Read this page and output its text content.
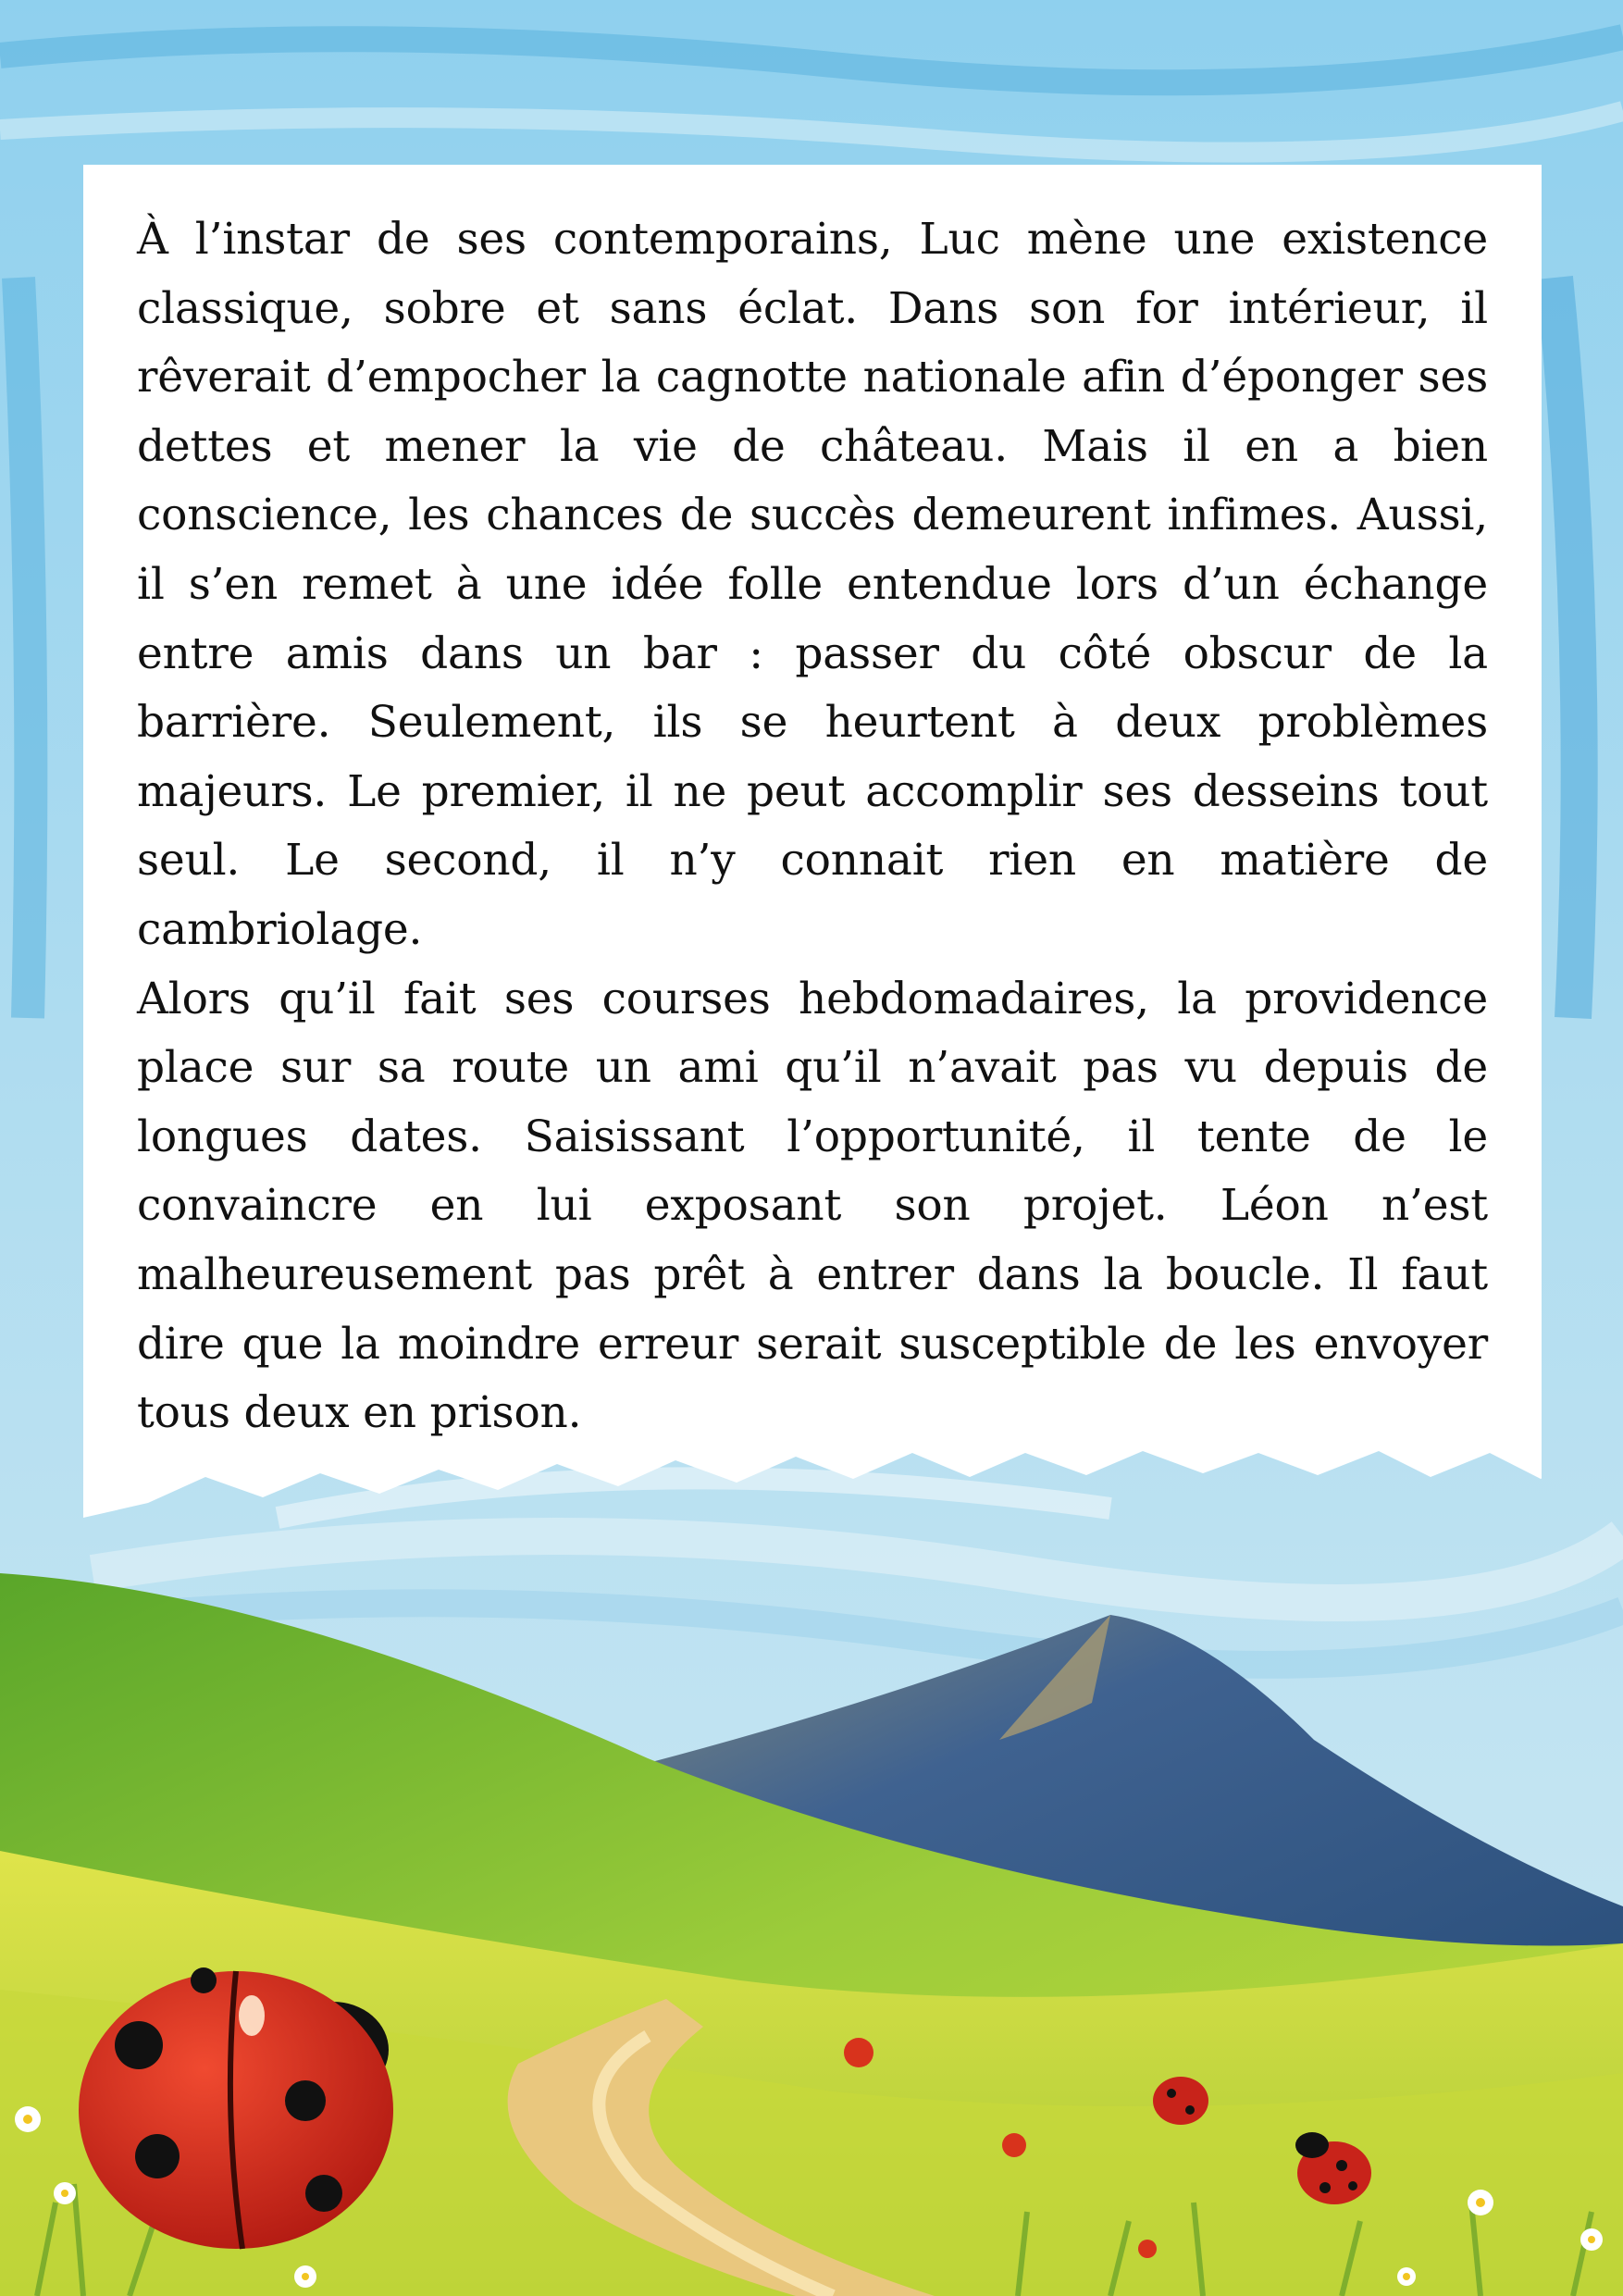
À l’instar de ses contemporains, Luc mène une existence classique, sobre et sans éclat. Dans son for intérieur, il rêverait d’empocher la cagnotte nationale afin d’éponger ses dettes et mener la vie de château. Mais il en a bien conscience, les chances de succès demeurent infimes. Aussi, il s’en remet à une idée folle entendue lors d’un échange entre amis dans un bar : passer du côté obscur de la barrière. Seulement, ils se heurtent à deux problèmes majeurs. Le premier, il ne peut accomplir ses desseins tout seul. Le second, il n’y connait rien en matière de cambriolage.

Alors qu’il fait ses courses hebdomadaires, la providence place sur sa route un ami qu’il n’avait pas vu depuis de longues dates. Saisissant l’opportunité, il tente de le convaincre en lui exposant son projet. Léon n’est malheureusement pas prêt à entrer dans la boucle. Il faut dire que la moindre erreur serait susceptible de les envoyer tous deux en prison.
